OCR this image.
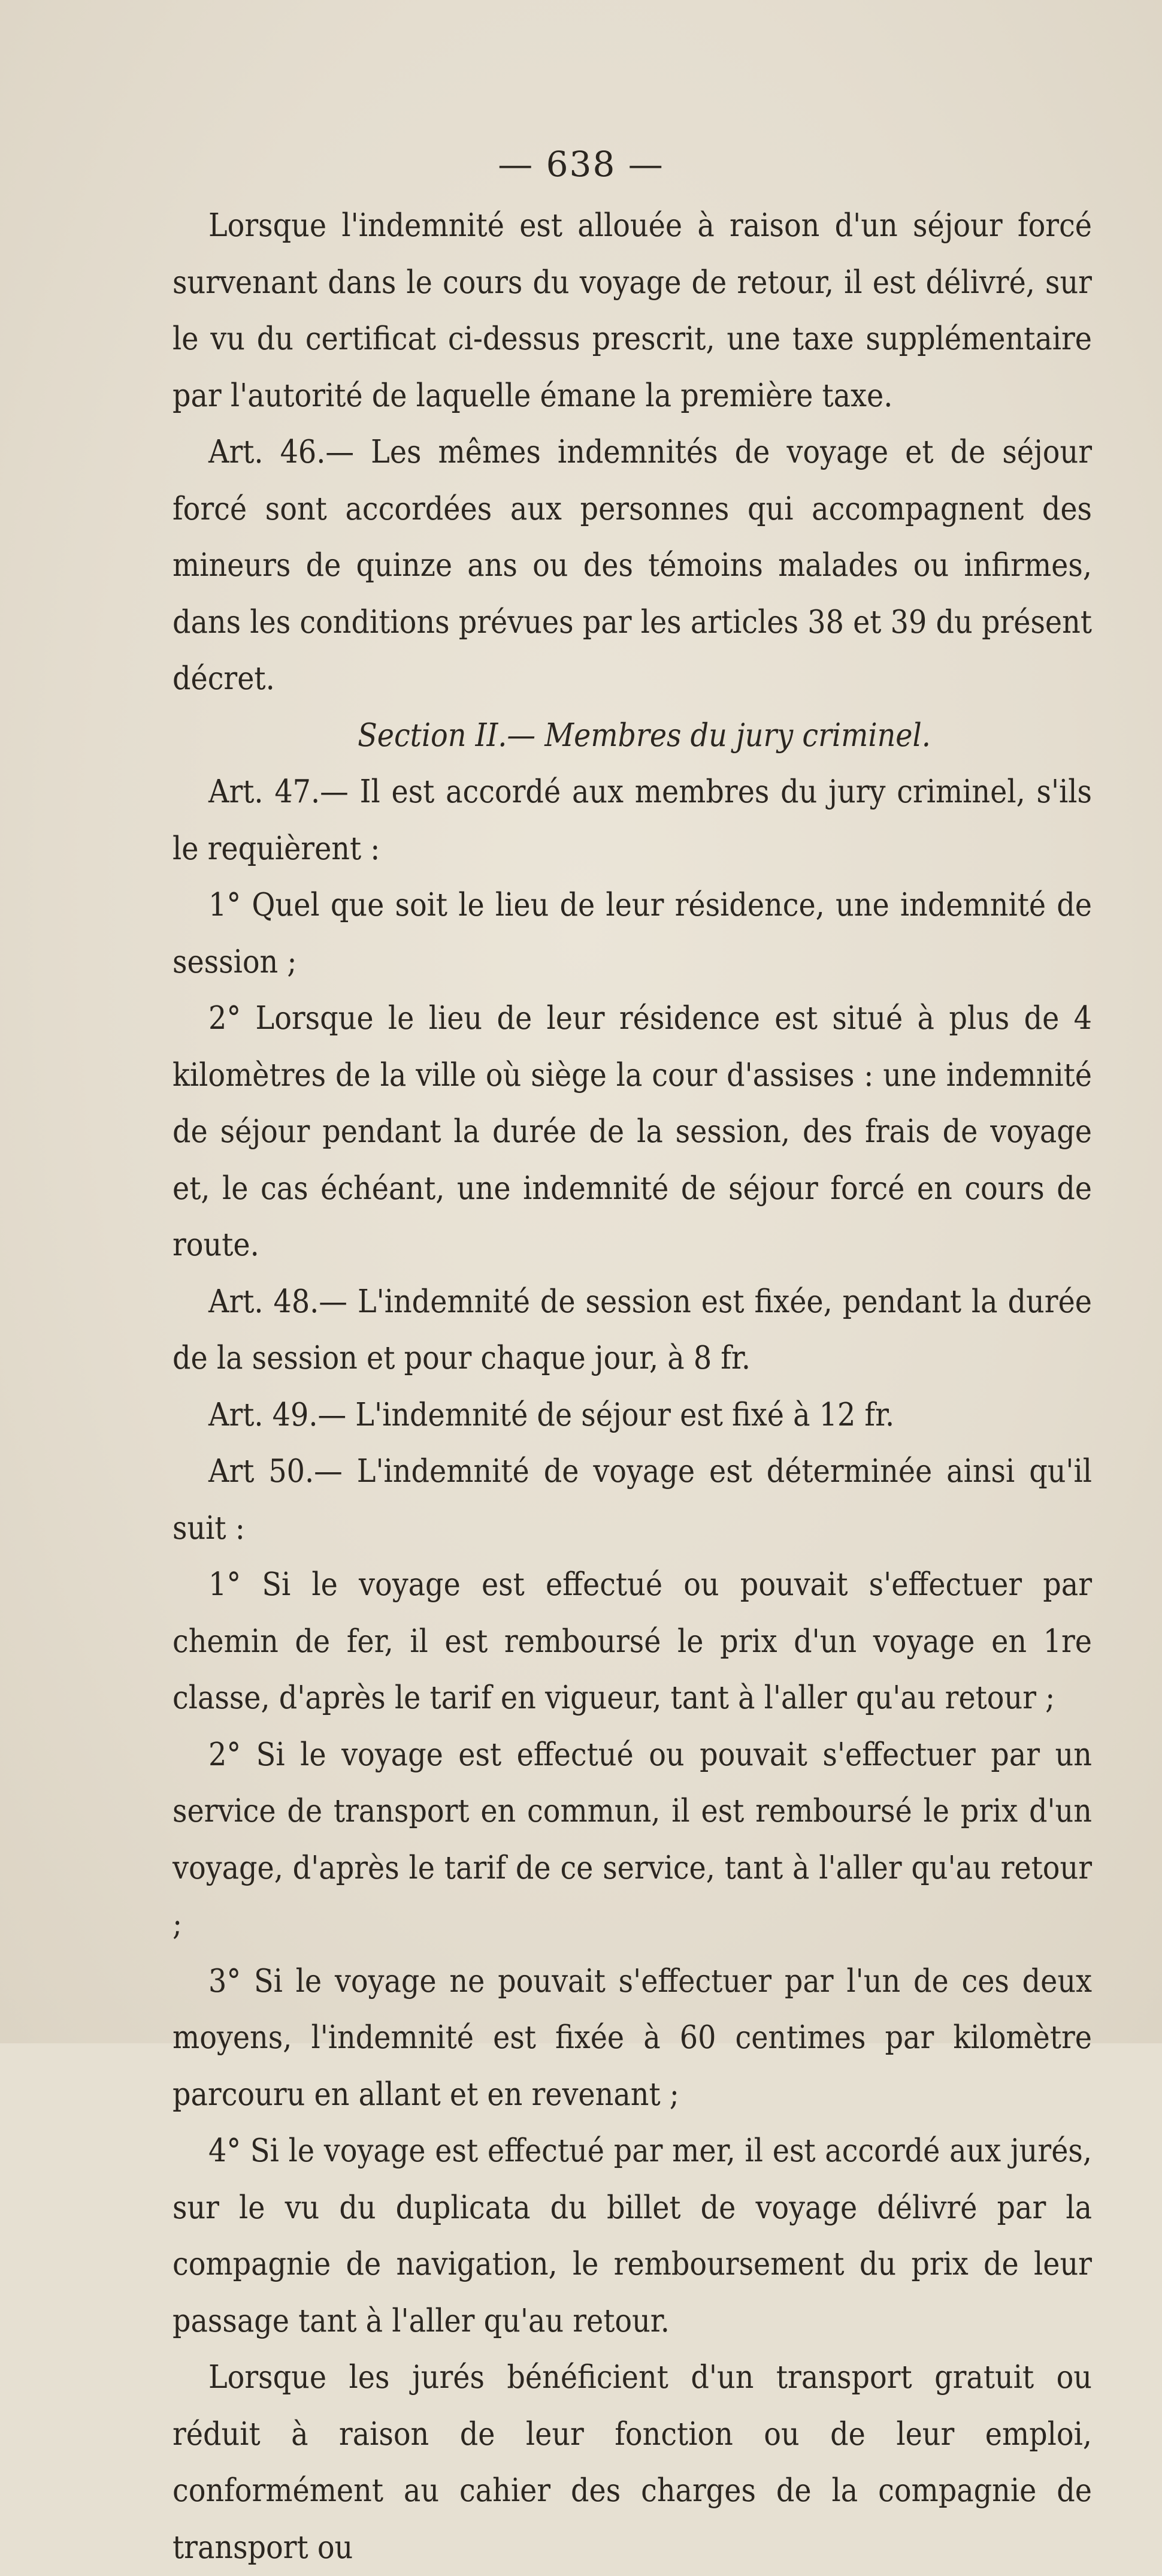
— 638 —

Lorsque l'indemnité est allouée à raison d'un séjour forcé survenant dans le cours du voyage de retour, il est délivré, sur le vu du certificat ci-dessus prescrit, une taxe supplémentaire par l'autorité de laquelle émane la première taxe.

Art. 46.— Les mêmes indemnités de voyage et de séjour forcé sont accordées aux personnes qui accompagnent des mineurs de quinze ans ou des témoins malades ou infirmes, dans les conditions prévues par les articles 38 et 39 du présent décret.

Section II.— Membres du jury criminel.

Art. 47.— Il est accordé aux membres du jury criminel, s'ils le requièrent :

1° Quel que soit le lieu de leur résidence, une indemnité de session ;

2° Lorsque le lieu de leur résidence est situé à plus de 4 kilomètres de la ville où siège la cour d'assises : une indemnité de séjour pendant la durée de la session, des frais de voyage et, le cas échéant, une indemnité de séjour forcé en cours de route.

Art. 48.— L'indemnité de session est fixée, pendant la durée de la session et pour chaque jour, à 8 fr.

Art. 49.— L'indemnité de séjour est fixé à 12 fr.

Art 50.— L'indemnité de voyage est déterminée ainsi qu'il suit :

1° Si le voyage est effectué ou pouvait s'effectuer par chemin de fer, il est remboursé le prix d'un voyage en 1re classe, d'après le tarif en vigueur, tant à l'aller qu'au retour ;

2° Si le voyage est effectué ou pouvait s'effectuer par un service de transport en commun, il est remboursé le prix d'un voyage, d'après le tarif de ce service, tant à l'aller qu'au retour ;

3° Si le voyage ne pouvait s'effectuer par l'un de ces deux moyens, l'indemnité est fixée à 60 centimes par kilomètre parcouru en allant et en revenant ;

4° Si le voyage est effectué par mer, il est accordé aux jurés, sur le vu du duplicata du billet de voyage délivré par la compagnie de navigation, le remboursement du prix de leur passage tant à l'aller qu'au retour.

Lorsque les jurés bénéficient d'un transport gratuit ou réduit à raison de leur fonction ou de leur emploi, conformément au cahier des charges de la compagnie de transport ou
